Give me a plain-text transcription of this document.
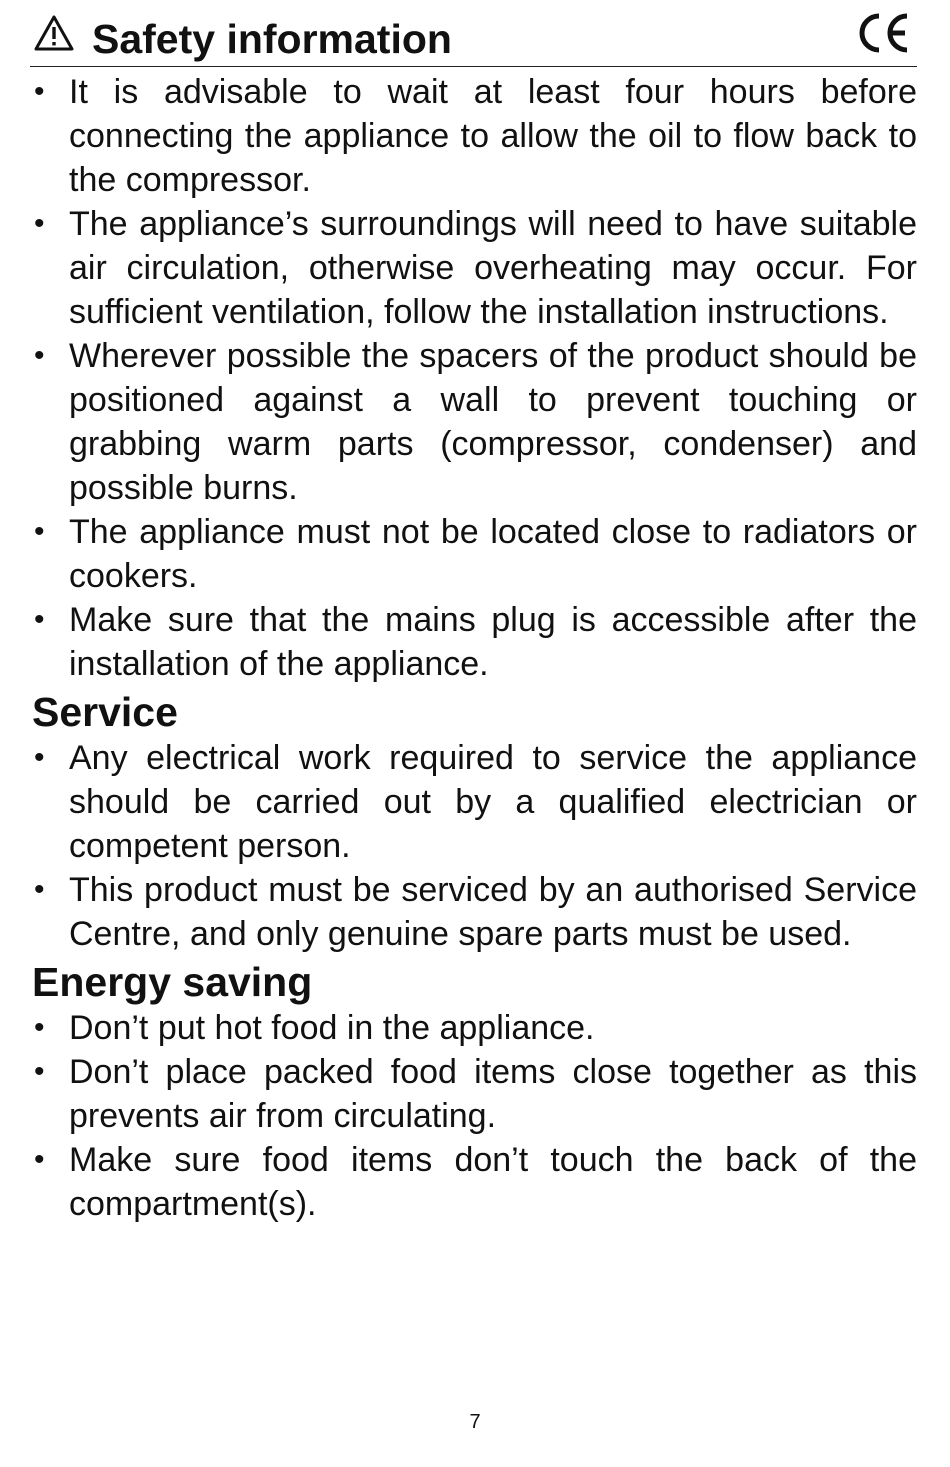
Safety information
• It is advisable to wait at least four hours before connecting the appliance to allow the oil to flow back to the compressor.
• The appliance’s surroundings will need to have suitable air circulation, otherwise overheating may occur. For sufficient ventilation, follow the installation instructions.
• Wherever possible the spacers of the product should be positioned against a wall to prevent touching or grabbing warm parts (compressor, condenser) and possible burns.
• The appliance must not be located close to radiators or cookers.
• Make sure that the mains plug is accessible after the installation of the appliance.
Service
• Any electrical work required to service the appliance should be carried out by a qualified electrician or competent person.
• This product must be serviced by an authorised Service Centre, and only genuine spare parts must be used.
Energy saving
• Don’t put hot food in the appliance.
• Don’t place packed food items close together as this prevents air from circulating.
• Make sure food items don’t touch the back of the compartment(s).
7
